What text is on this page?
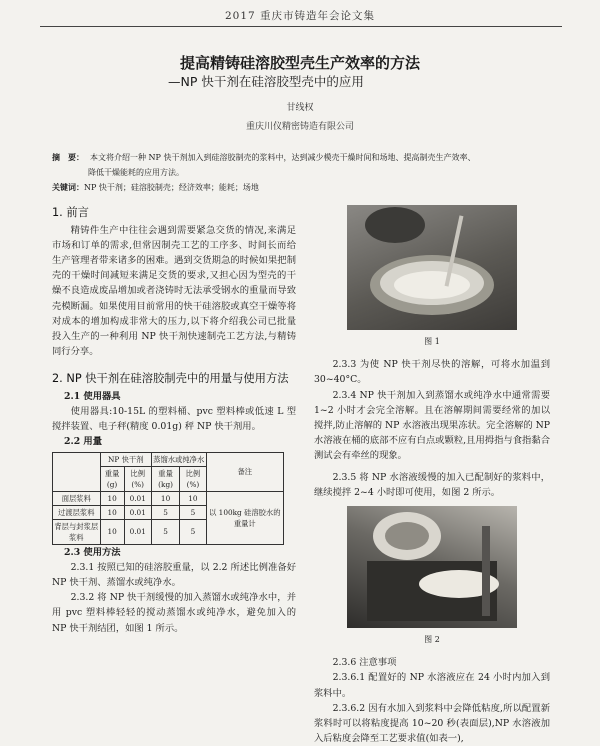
2017 重庆市铸造年会论文集
提高精铸硅溶胶型壳生产效率的方法
—NP 快干剂在硅溶胶型壳中的应用
甘线权
重庆川仪精密铸造有限公司
摘　要： 本文将介绍一种 NP 快干剂加入到硅溶胶制壳的浆料中，达到减少模壳干燥时间和场地、提高制壳生产效率、
降低干燥能耗的应用方法。
关键词：NP 快干剂；硅溶胶制壳；经济效率；能耗；场地
1. 前言

精铸件生产中往往会遇到需要紧急交货的情况,来满足市场和订单的需求,但常因制壳工艺的工序多、时间长而给生产管理者带来诸多的困难。遇到交货期急的时候如果把制壳的干燥时间减短来满足交货的要求,又担心因为型壳的干燥不良造成废品增加或者浇铸时无法承受钢水的重量而导致壳模断漏。如果使用目前常用的快干硅溶胶或真空干燥等将对成本的增加构成非常大的压力,以下将介绍我公司已批量投入生产的一种利用 NP 快干剂快速制壳工艺方法,与精铸同行分享。

2. NP 快干剂在硅溶胶制壳中的用量与使用方法
2.1 使用器具

使用器具:10-15L 的塑料桶、pvc 塑料棒或低速 L 型搅拌装置、电子秤(精度 0.01g) 秤 NP 快干剂用。

2.2 用量
	NP 快干剂		蒸馏水或纯净水		备注
	重量(g)	比例(%)	重量(kg)	比例(%)	
面层浆料	10	0.01	10	10	以 100kg 硅溶胶水的重量计
过渡层浆料	10	0.01	5	5	
背层与封浆层浆料	10	0.01	5	5	
2.3 使用方法

2.3.1 按照已知的硅溶胶重量，以 2.2 所述比例准备好 NP 快干剂、蒸馏水或纯净水。

2.3.2 将 NP 快干剂缓慢的加入蒸馏水或纯净水中，并用 pvc 塑料棒轻轻的搅动蒸馏水或纯净水，避免加入的 NP 快干剂结团，如图 1 所示。

图 1

2.3.3 为使 NP 快干剂尽快的溶解，可将水加温到 30~40°C。

2.3.4 NP 快干剂加入到蒸馏水或纯净水中通常需要 1~2 小时才会完全溶解。且在溶解期间需要经常的加以搅拌,防止溶解的 NP 水溶液出现果冻状。完全溶解的 NP 水溶液在桶的底部不应有白点或颗粒,且用拇指与食指黏合测试会有牵丝的现象。

2.3.5 将 NP 水溶液缓慢的加入已配制好的浆料中，继续搅拌 2~4 小时即可使用，如图 2 所示。

图 2

2.3.6 注意事项

2.3.6.1 配置好的 NP 水溶液应在 24 小时内加入到浆料中。

2.3.6.2 因有水加入到浆料中会降低粘度,所以配置新浆料时可以将粘度提高 10~20 秒(表面层),NP 水溶液加入后粘度会降至工艺要求值(如表一),
